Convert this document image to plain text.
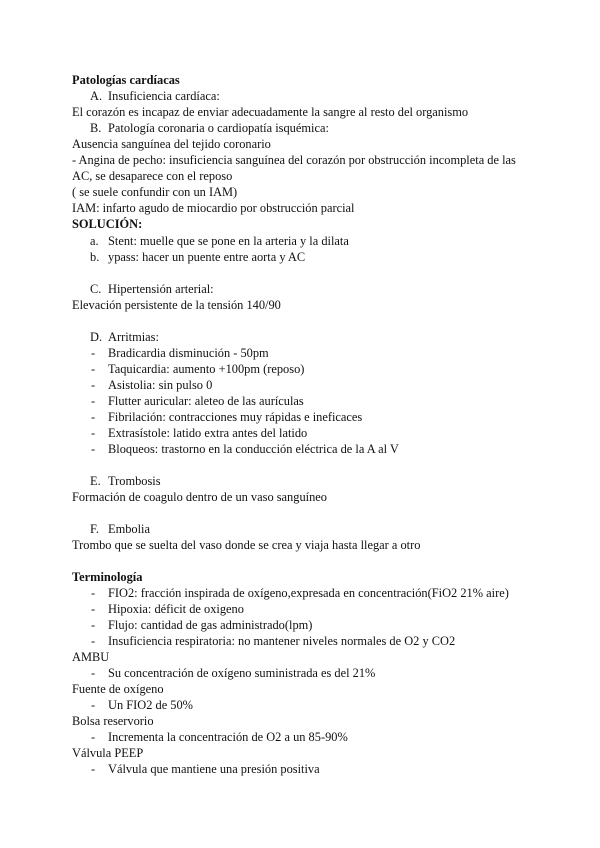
Patologías cardíacas
A. Insuficiencia cardíaca:
El corazón es incapaz de enviar adecuadamente la sangre al resto del organismo
B. Patología coronaria o cardiopatía isquémica:
Ausencia sanguínea del tejido coronario
- Angina de pecho: insuficiencia sanguínea del corazón por obstrucción incompleta de las
AC, se desaparece con el reposo
( se suele confundir con un IAM)
IAM: infarto agudo de miocardio por obstrucción parcial
SOLUCIÓN:
a. Stent: muelle que se pone en la arteria y la dilata
b. ypass: hacer un puente entre aorta y AC
C. Hipertensión arterial:
Elevación persistente de la tensión 140/90
D. Arritmias:
- Bradicardia disminución - 50pm
- Taquicardia: aumento +100pm (reposo)
- Asistolia: sin pulso 0
- Flutter auricular: aleteo de las aurículas
- Fibrilación: contracciones muy rápidas e ineficaces
- Extrasístole: latido extra antes del latido
- Bloqueos: trastorno en la conducción eléctrica de la A al V
E. Trombosis
Formación de coagulo dentro de un vaso sanguíneo
F. Embolia
Trombo que se suelta del vaso donde se crea y viaja hasta llegar a otro
Terminología
- FIO2: fracción inspirada de oxígeno,expresada en concentración(FiO2 21% aire)
- Hipoxia: déficit de oxigeno
- Flujo: cantidad de gas administrado(lpm)
- Insuficiencia respiratoria: no mantener niveles normales de O2 y CO2
AMBU
- Su concentración de oxígeno suministrada es del 21%
Fuente de oxígeno
- Un FIO2 de 50%
Bolsa reservorio
- Incrementa la concentración de O2 a un 85-90%
Válvula PEEP
- Válvula que mantiene una presión positiva
